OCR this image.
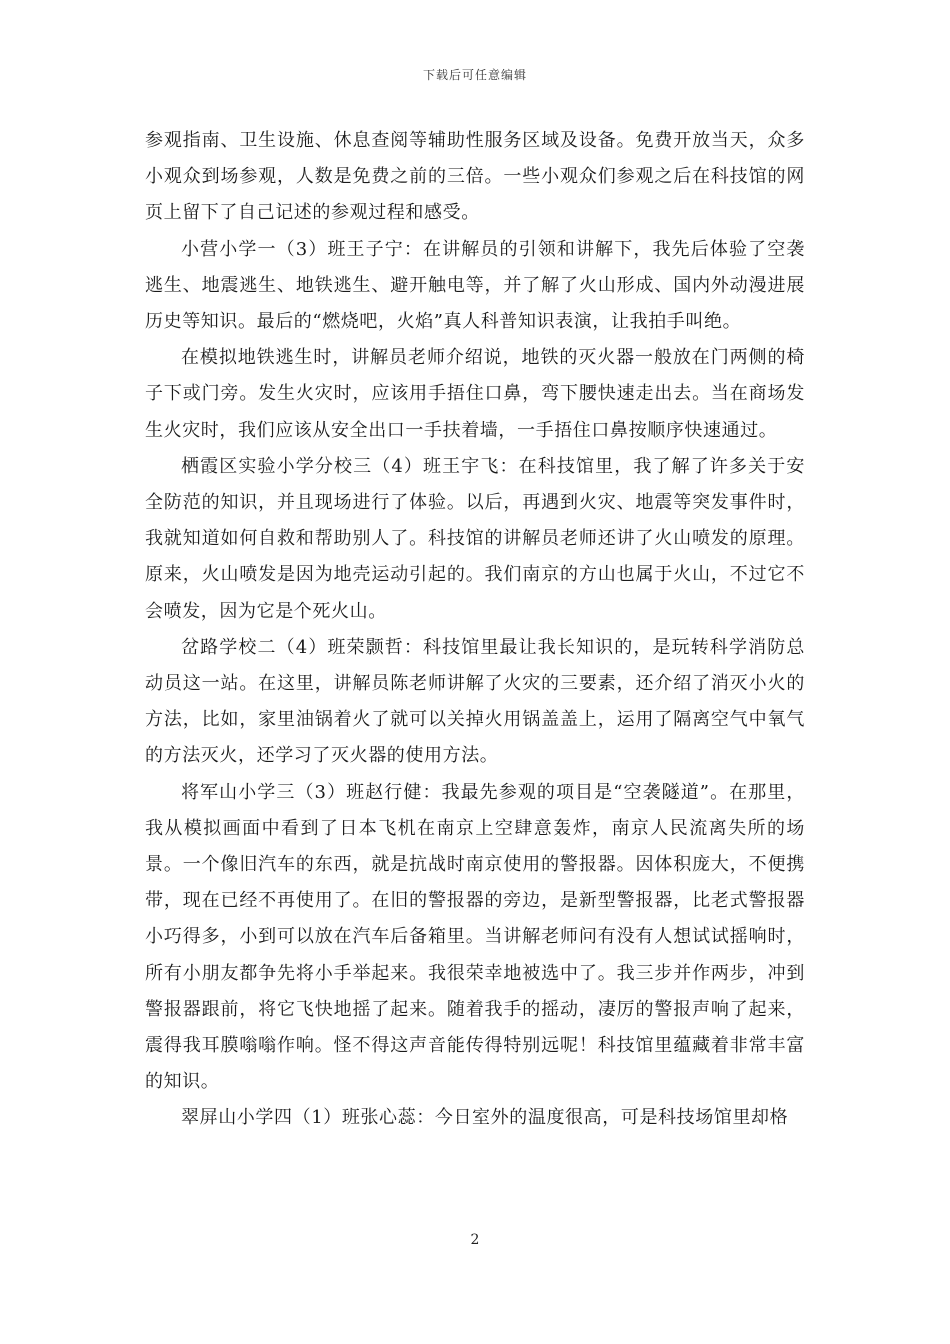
下载后可任意编辑

参观指南、卫生设施、休息查阅等辅助性服务区域及设备。免费开放当天，众多小观众到场参观，人数是免费之前的三倍。一些小观众们参观之后在科技馆的网页上留下了自己记述的参观过程和感受。

小营小学一（3）班王子宁：在讲解员的引领和讲解下，我先后体验了空袭逃生、地震逃生、地铁逃生、避开触电等，并了解了火山形成、国内外动漫进展历史等知识。最后的“燃烧吧，火焰”真人科普知识表演，让我拍手叫绝。

在模拟地铁逃生时，讲解员老师介绍说，地铁的灭火器一般放在门两侧的椅子下或门旁。发生火灾时，应该用手捂住口鼻，弯下腰快速走出去。当在商场发生火灾时，我们应该从安全出口一手扶着墙，一手捂住口鼻按顺序快速通过。

栖霞区实验小学分校三（4）班王宇飞：在科技馆里，我了解了许多关于安全防范的知识，并且现场进行了体验。以后，再遇到火灾、地震等突发事件时，我就知道如何自救和帮助别人了。科技馆的讲解员老师还讲了火山喷发的原理。原来，火山喷发是因为地壳运动引起的。我们南京的方山也属于火山，不过它不会喷发，因为它是个死火山。

岔路学校二（4）班荣颢哲：科技馆里最让我长知识的，是玩转科学消防总动员这一站。在这里，讲解员陈老师讲解了火灾的三要素，还介绍了消灭小火的方法，比如，家里油锅着火了就可以关掉火用锅盖盖上，运用了隔离空气中氧气的方法灭火，还学习了灭火器的使用方法。

将军山小学三（3）班赵行健：我最先参观的项目是“空袭隧道”。在那里，我从模拟画面中看到了日本飞机在南京上空肆意轰炸，南京人民流离失所的场景。一个像旧汽车的东西，就是抗战时南京使用的警报器。因体积庞大，不便携带，现在已经不再使用了。在旧的警报器的旁边，是新型警报器，比老式警报器小巧得多，小到可以放在汽车后备箱里。当讲解老师问有没有人想试试摇响时，所有小朋友都争先将小手举起来。我很荣幸地被选中了。我三步并作两步，冲到警报器跟前，将它飞快地摇了起来。随着我手的摇动，凄厉的警报声响了起来，震得我耳膜嗡嗡作响。怪不得这声音能传得特别远呢！科技馆里蕴藏着非常丰富的知识。

翠屏山小学四（1）班张心蕊：今日室外的温度很高，可是科技场馆里却格

2
